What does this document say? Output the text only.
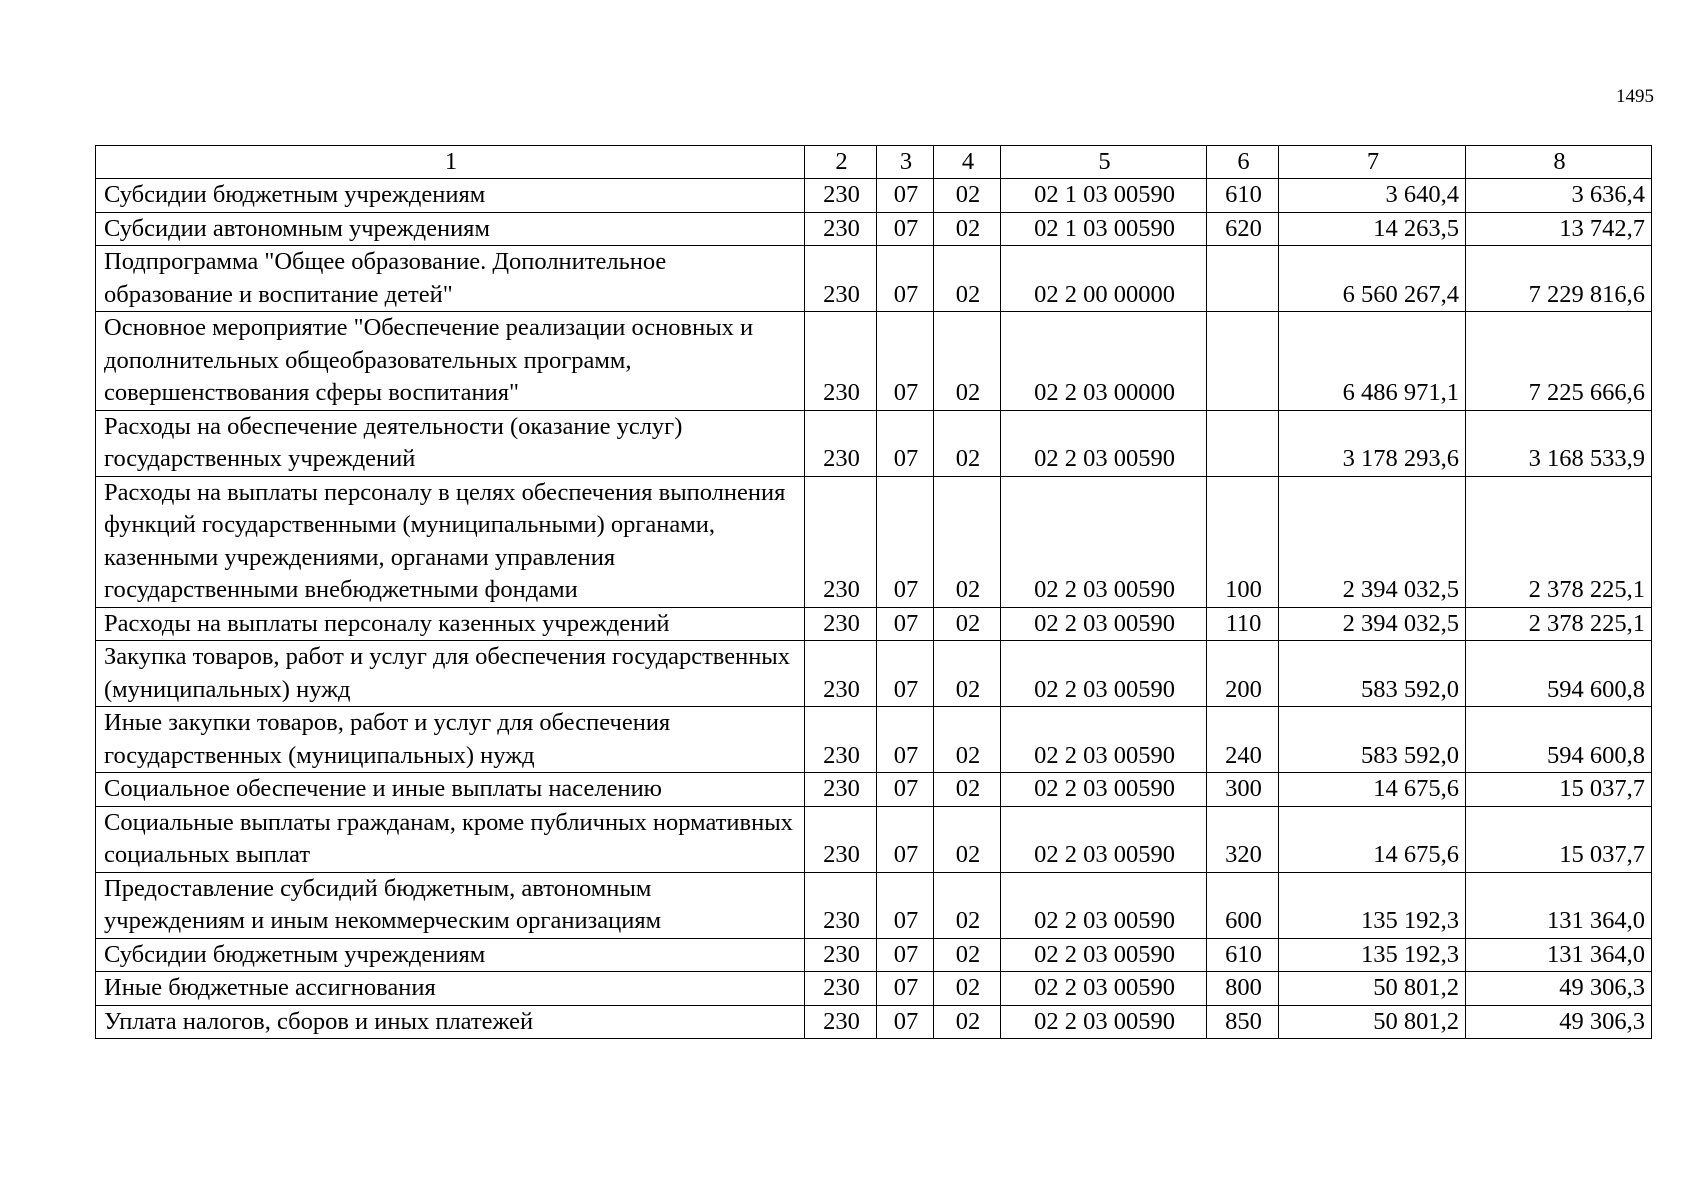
1495
1	2	3	4	5	6	7	8
Субсидии бюджетным учреждениям	230	07	02	02 1 03 00590	610	3 640,4	3 636,4
Субсидии автономным учреждениям	230	07	02	02 1 03 00590	620	14 263,5	13 742,7
Подпрограмма "Общее образование. Дополнительное образование и воспитание детей"	230	07	02	02 2 00 00000		6 560 267,4	7 229 816,6
Основное мероприятие "Обеспечение реализации основных и дополнительных общеобразовательных программ, совершенствования сферы воспитания"	230	07	02	02 2 03 00000		6 486 971,1	7 225 666,6
Расходы на обеспечение деятельности (оказание услуг) государственных учреждений	230	07	02	02 2 03 00590		3 178 293,6	3 168 533,9
Расходы на выплаты персоналу в целях обеспечения выполнения функций государственными (муниципальными) органами, казенными учреждениями, органами управления государственными внебюджетными фондами	230	07	02	02 2 03 00590	100	2 394 032,5	2 378 225,1
Расходы на выплаты персоналу казенных учреждений	230	07	02	02 2 03 00590	110	2 394 032,5	2 378 225,1
Закупка товаров, работ и услуг для обеспечения государственных (муниципальных) нужд	230	07	02	02 2 03 00590	200	583 592,0	594 600,8
Иные закупки товаров, работ и услуг для обеспечения государственных (муниципальных) нужд	230	07	02	02 2 03 00590	240	583 592,0	594 600,8
Социальное обеспечение и иные выплаты населению	230	07	02	02 2 03 00590	300	14 675,6	15 037,7
Социальные выплаты гражданам, кроме публичных нормативных социальных выплат	230	07	02	02 2 03 00590	320	14 675,6	15 037,7
Предоставление субсидий бюджетным, автономным учреждениям и иным некоммерческим организациям	230	07	02	02 2 03 00590	600	135 192,3	131 364,0
Субсидии бюджетным учреждениям	230	07	02	02 2 03 00590	610	135 192,3	131 364,0
Иные бюджетные ассигнования	230	07	02	02 2 03 00590	800	50 801,2	49 306,3
Уплата налогов, сборов и иных платежей	230	07	02	02 2 03 00590	850	50 801,2	49 306,3
